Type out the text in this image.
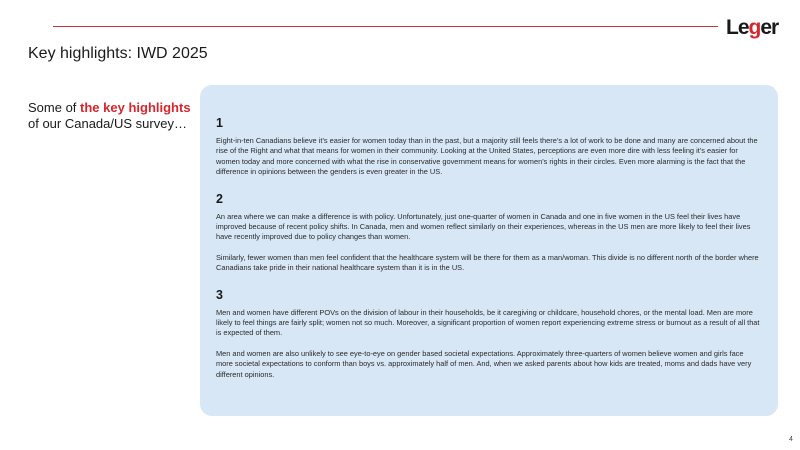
Leger
Key highlights: IWD 2025
Some of the key highlights of our Canada/US survey…	1

Eight-in-ten Canadians believe it’s easier for women today than in the past, but a majority still feels there’s a lot of work to be done and many are concerned about the rise of the Right and what that means for women in their community. Looking at the United States, perceptions are even more dire with less feeling it’s easier for women today and more concerned with what the rise in conservative government means for women’s rights in their circles. Even more alarming is the fact that the difference in opinions between the genders is even greater in the US.

2

An area where we can make a difference is with policy. Unfortunately, just one-quarter of women in Canada and one in five women in the US feel their lives have improved because of recent policy shifts. In Canada, men and women reflect similarly on their experiences, whereas in the US men are more likely to feel their lives have recently improved due to policy changes than women.

Similarly, fewer women than men feel confident that the healthcare system will be there for them as a man/woman. This divide is no different north of the border where Canadians take pride in their national healthcare system than it is in the US.

3

Men and women have different POVs on the division of labour in their households, be it caregiving or childcare, household chores, or the mental load. Men are more likely to feel things are fairly split; women not so much. Moreover, a significant proportion of women report experiencing extreme stress or burnout as a result of all that is expected of them.

Men and women are also unlikely to see eye-to-eye on gender based societal expectations. Approximately three-quarters of women believe women and girls face more societal expectations to conform than boys vs. approximately half of men. And, when we asked parents about how kids are treated, moms and dads have very different opinions.

4
